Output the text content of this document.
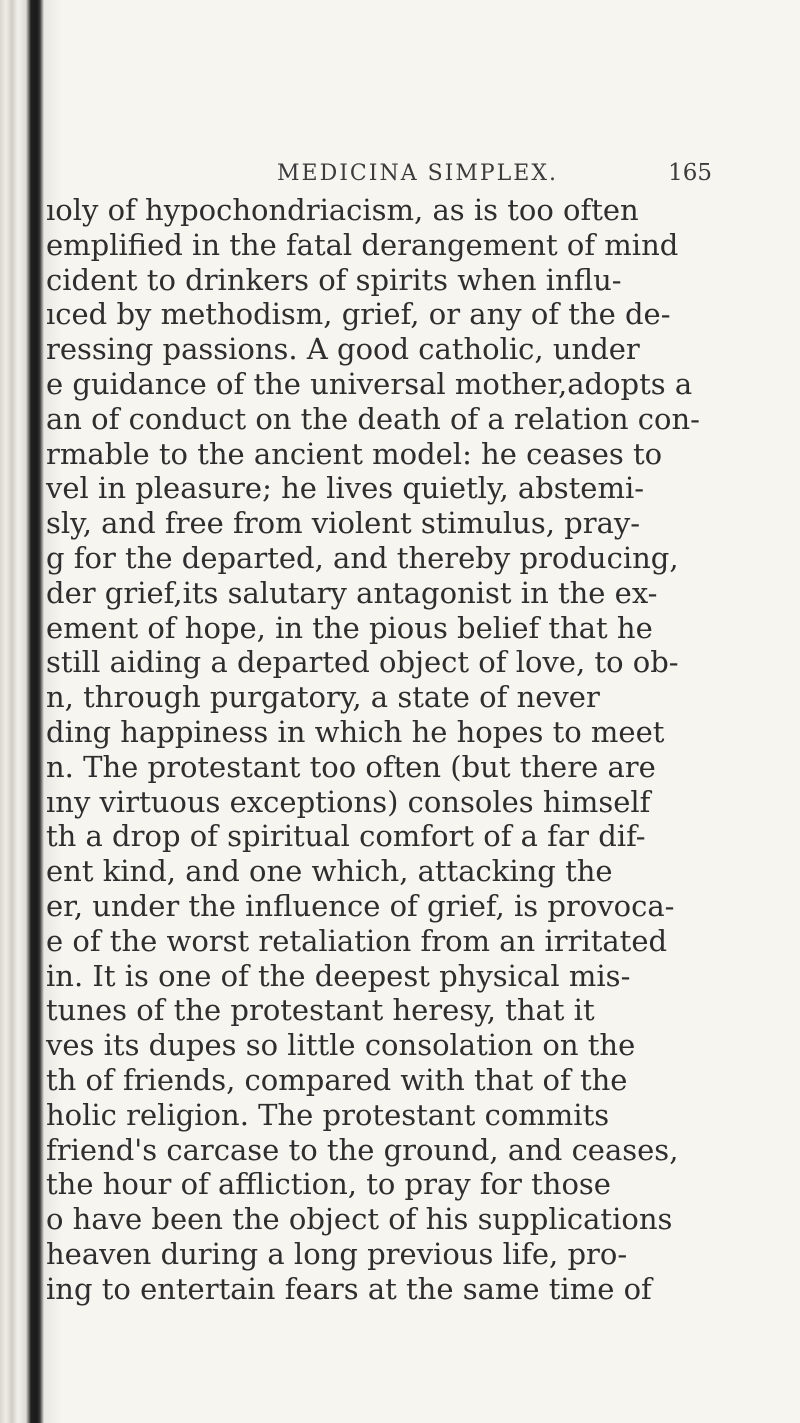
MEDICINA SIMPLEX.	165
ıoly of hypochondriacism, as is too often
emplified in the fatal derangement of mind
cident to drinkers of spirits when influ-
ıced by methodism, grief, or any of the de-
ressing passions. A good catholic, under
e guidance of the universal mother,adopts a
an of conduct on the death of a relation con-
rmable to the ancient model: he ceases to
vel in pleasure; he lives quietly, abstemi-
sly, and free from violent stimulus, pray-
g for the departed, and thereby producing,
der grief,its salutary antagonist in the ex-
ement of hope, in the pious belief that he
still aiding a departed object of love, to ob-
n, through purgatory, a state of never
ding happiness in which he hopes to meet
n. The protestant too often (but there are
ıny virtuous exceptions) consoles himself
th a drop of spiritual comfort of a far dif-
ent kind, and one which, attacking the
er, under the influence of grief, is provoca-
e of the worst retaliation from an irritated
in. It is one of the deepest physical mis-
tunes of the protestant heresy, that it
ves its dupes so little consolation on the
th of friends, compared with that of the
holic religion. The protestant commits
friend's carcase to the ground, and ceases,
the hour of affliction, to pray for those
o have been the object of his supplications
heaven during a long previous life, pro-
ing to entertain fears at the same time of
